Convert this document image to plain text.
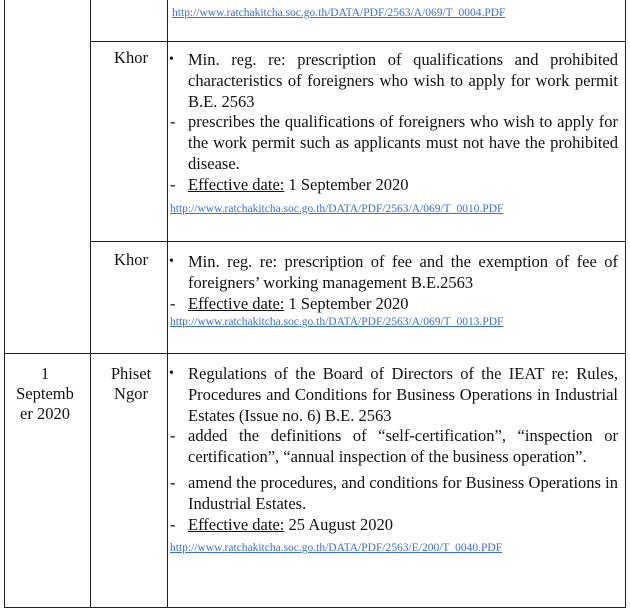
http://www.ratchakitcha.soc.go.th/DATA/PDF/2563/A/069/T_0004.PDF
Khor	• Min. reg. re: prescription of qualifications and prohibited characteristics of foreigners who wish to apply for work permit B.E. 2563
- prescribes the qualifications of foreigners who wish to apply for the work permit such as applicants must not have the prohibited disease.
- Effective date: 1 September 2020
http://www.ratchakitcha.soc.go.th/DATA/PDF/2563/A/069/T_0010.PDF
Khor	• Min. reg. re: prescription of fee and the exemption of fee of foreigners’ working management B.E.2563
- Effective date: 1 September 2020
http://www.ratchakitcha.soc.go.th/DATA/PDF/2563/A/069/T_0013.PDF
1 Septemb er 2020
Phiset Ngor
• Regulations of the Board of Directors of the IEAT re: Rules, Procedures and Conditions for Business Operations in Industrial Estates (Issue no. 6) B.E. 2563
- added the definitions of “self-certification”, “inspection or certification”, “annual inspection of the business operation”.
- amend the procedures, and conditions for Business Operations in Industrial Estates.
- Effective date: 25 August 2020
http://www.ratchakitcha.soc.go.th/DATA/PDF/2563/E/200/T_0040.PDF
